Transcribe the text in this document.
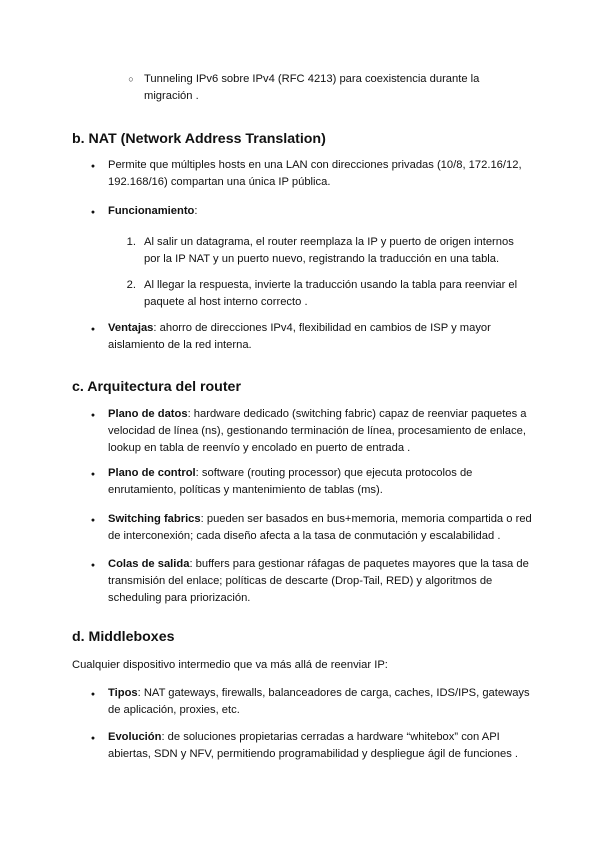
○
Tunneling IPv6 sobre IPv4 (RFC 4213) para coexistencia durante la migración .
b. NAT (Network Address Translation)
●
Permite que múltiples hosts en una LAN con direcciones privadas (10/8, 172.16/12, 192.168/16) compartan una única IP pública.
●
Funcionamiento:
1. Al salir un datagrama, el router reemplaza la IP y puerto de origen internos por la IP NAT y un puerto nuevo, registrando la traducción en una tabla.
2. Al llegar la respuesta, invierte la traducción usando la tabla para reenviar el paquete al host interno correcto .
●
Ventajas: ahorro de direcciones IPv4, flexibilidad en cambios de ISP y mayor aislamiento de la red interna.
c. Arquitectura del router
●
Plano de datos: hardware dedicado (switching fabric) capaz de reenviar paquetes a velocidad de línea (ns), gestionando terminación de línea, procesamiento de enlace, lookup en tabla de reenvío y encolado en puerto de entrada .
●
Plano de control: software (routing processor) que ejecuta protocolos de enrutamiento, políticas y mantenimiento de tablas (ms).
●
Switching fabrics: pueden ser basados en bus+memoria, memoria compartida o red de interconexión; cada diseño afecta a la tasa de conmutación y escalabilidad .
●
Colas de salida: buffers para gestionar ráfagas de paquetes mayores que la tasa de transmisión del enlace; políticas de descarte (Drop-Tail, RED) y algoritmos de scheduling para priorización.
d. Middleboxes
Cualquier dispositivo intermedio que va más allá de reenviar IP:
●
Tipos: NAT gateways, firewalls, balanceadores de carga, caches, IDS/IPS, gateways de aplicación, proxies, etc.
●
Evolución: de soluciones propietarias cerradas a hardware “whitebox” con API abiertas, SDN y NFV, permitiendo programabilidad y despliegue ágil de funciones .
